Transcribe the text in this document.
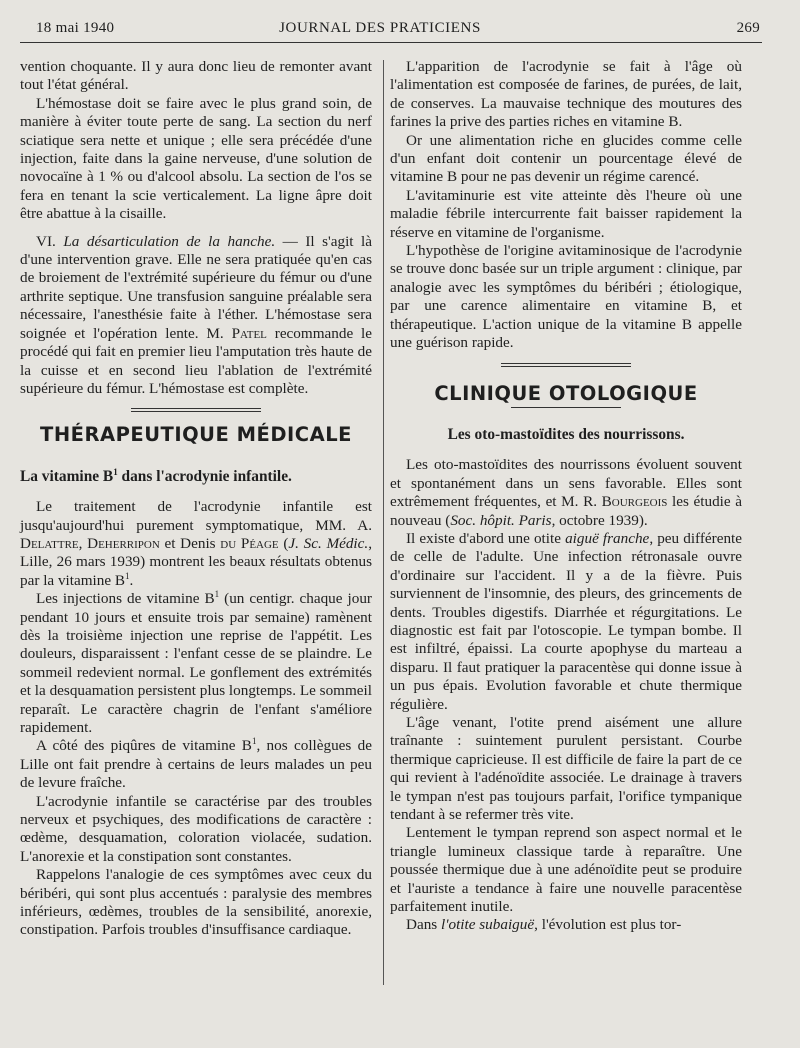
18 mai 1940	JOURNAL DES PRATICIENS	269

vention choquante. Il y aura donc lieu de remonter avant tout l'état général.

L'hémostase doit se faire avec le plus grand soin, de manière à éviter toute perte de sang. La section du nerf sciatique sera nette et unique ; elle sera précédée d'une injection, faite dans la gaine nerveuse, d'une solution de novocaïne à 1 % ou d'alcool absolu. La section de l'os se fera en tenant la scie verticalement. La ligne âpre doit être abattue à la cisaille.

VI. La désarticulation de la hanche. — Il s'agit là d'une intervention grave. Elle ne sera pratiquée qu'en cas de broiement de l'extrémité supérieure du fémur ou d'une arthrite septique. Une transfusion sanguine préalable sera nécessaire, l'anesthésie faite à l'éther. L'hémostase sera soignée et l'opération lente. M. Patel recommande le procédé qui fait en premier lieu l'amputation très haute de la cuisse et en second lieu l'ablation de l'extrémité supérieure du fémur. L'hémostase est complète.

THÉRAPEUTIQUE MÉDICALE
La vitamine $B^1$ dans l'acrodynie infantile.

Le traitement de l'acrodynie infantile est jusqu'aujourd'hui purement symptomatique, MM. A. Delattre, Deherripon et Denis du Péage (J. Sc. Médic., Lille, 26 mars 1939) montrent les beaux résultats obtenus par la vitamine $B^1$.

Les injections de vitamine $B^1$ (un centigr. chaque jour pendant 10 jours et ensuite trois par semaine) ramènent dès la troisième injection une reprise de l'appétit. Les douleurs, disparaissent : l'enfant cesse de se plaindre. Le sommeil redevient normal. Le gonflement des extrémités et la desquamation persistent plus longtemps. Le sommeil reparaît. Le caractère chagrin de l'enfant s'améliore rapidement.

A côté des piqûres de vitamine $B^1$, nos collègues de Lille ont fait prendre à certains de leurs malades un peu de levure fraîche.

L'acrodynie infantile se caractérise par des troubles nerveux et psychiques, des modifications de caractère : œdème, desquamation, coloration violacée, sudation. L'anorexie et la constipation sont constantes.

Rappelons l'analogie de ces symptômes avec ceux du béribéri, qui sont plus accentués : paralysie des membres inférieurs, œdèmes, troubles de la sensibilité, anorexie, constipation. Parfois troubles d'insuffisance cardiaque.

L'apparition de l'acrodynie se fait à l'âge où l'alimentation est composée de farines, de purées, de lait, de conserves. La mauvaise technique des moutures des farines la prive des parties riches en vitamine B.

Or une alimentation riche en glucides comme celle d'un enfant doit contenir un pourcentage élevé de vitamine B pour ne pas devenir un régime carencé.

L'avitaminurie est vite atteinte dès l'heure où une maladie fébrile intercurrente fait baisser rapidement la réserve en vitamine de l'organisme.

L'hypothèse de l'origine avitaminosique de l'acrodynie se trouve donc basée sur un triple argument : clinique, par analogie avec les symptômes du béribéri ; étiologique, par une carence alimentaire en vitamine B, et thérapeutique. L'action unique de la vitamine B appelle une guérison rapide.

CLINIQUE OTOLOGIQUE
Les oto-mastoïdites des nourrissons.

Les oto-mastoïdites des nourrissons évoluent souvent et spontanément dans un sens favorable. Elles sont extrêmement fréquentes, et M. R. Bourgeois les étudie à nouveau (Soc. hôpit. Paris, octobre 1939).

Il existe d'abord une otite aiguë franche, peu différente de celle de l'adulte. Une infection rétronasale ouvre d'ordinaire sur l'accident. Il y a de la fièvre. Puis surviennent de l'insomnie, des pleurs, des grincements de dents. Troubles digestifs. Diarrhée et régurgitations. Le diagnostic est fait par l'otoscopie. Le tympan bombe. Il est infiltré, épaissi. La courte apophyse du marteau a disparu. Il faut pratiquer la paracentèse qui donne issue à un pus épais. Evolution favorable et chute thermique régulière.

L'âge venant, l'otite prend aisément une allure traînante : suintement purulent persistant. Courbe thermique capricieuse. Il est difficile de faire la part de ce qui revient à l'adénoïdite associée. Le drainage à travers le tympan n'est pas toujours parfait, l'orifice tympanique tendant à se refermer très vite.

Lentement le tympan reprend son aspect normal et le triangle lumineux classique tarde à reparaître. Une poussée thermique due à une adénoïdite peut se produire et l'auriste a tendance à faire une nouvelle paracentèse parfaitement inutile.

Dans l'otite subaiguë, l'évolution est plus tor-
